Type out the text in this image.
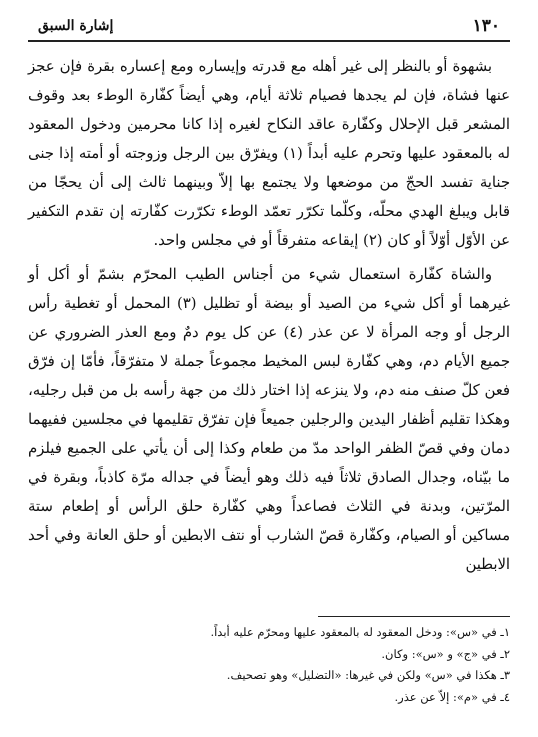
١٣٠
إشارة السبق

بشهوة أو بالنظر إلى غير أهله مع قدرته وإيساره ومع إعساره بقرة فإن عجز عنها فشاة، فإن لم يجدها فصيام ثلاثة أيام، وهي أيضاً كفّارة الوطء بعد وقوف المشعر قبل الإحلال وكفّارة عاقد النكاح لغيره إذا كانا محرمين ودخول المعقود له بالمعقود عليها وتحرم عليه أبداً (١) ويفرّق بين الرجل وزوجته أو أمته إذا جنى جناية تفسد الحجّ من موضعها ولا يجتمع بها إلاّ وبينهما ثالث إلى أن يحجّا من قابل ويبلغ الهدي محلّه، وكلّما تكرّر تعمّد الوطء تكرّرت كفّارته إن تقدم التكفير عن الأوّل أوّلاً أو كان (٢) إيقاعه متفرقاً أو في مجلس واحد.

والشاة كفّارة استعمال شيء من أجناس الطيب المحرّم بشمّ أو أكل أو غيرهما أو أكل شيء من الصيد أو بيضة أو تظليل (٣) المحمل أو تغطية رأس الرجل أو وجه المرأة لا عن عذر (٤) عن كل يوم دمٌ ومع العذر الضروري عن جميع الأيام دم، وهي كفّارة لبس المخيط مجموعاً جملة لا متفرّقاً، فأمّا إن فرّق فعن كلّ صنف منه دم، ولا ينزعه إذا اختار ذلك من جهة رأسه بل من قبل رجليه، وهكذا تقليم أظفار اليدين والرجلين جميعاً فإن تفرّق تقليمها في مجلسين ففيهما دمان وفي قصّ الظفر الواحد مدّ من طعام وكذا إلى أن يأتي على الجميع فيلزم ما بيّناه، وجدال الصادق ثلاثاً فيه ذلك وهو أيضاً في جداله مرّة كاذباً، وبقرة في المرّتين، وبدنة في الثلاث فصاعداً وهي كفّارة حلق الرأس أو إطعام ستة مساكين أو الصيام، وكفّارة قصّ الشارب أو نتف الابطين أو حلق العانة وفي أحد الابطين

١ـ في «س»: ودخل المعقود له بالمعقود عليها ومحرّم عليه أبداً.
٢ـ في «ج» و «س»: وكان.
٣ـ هكذا في «س» ولكن في غيرها: «التضليل» وهو تصحيف.
٤ـ في «م»: إلاّ عن عذر.
